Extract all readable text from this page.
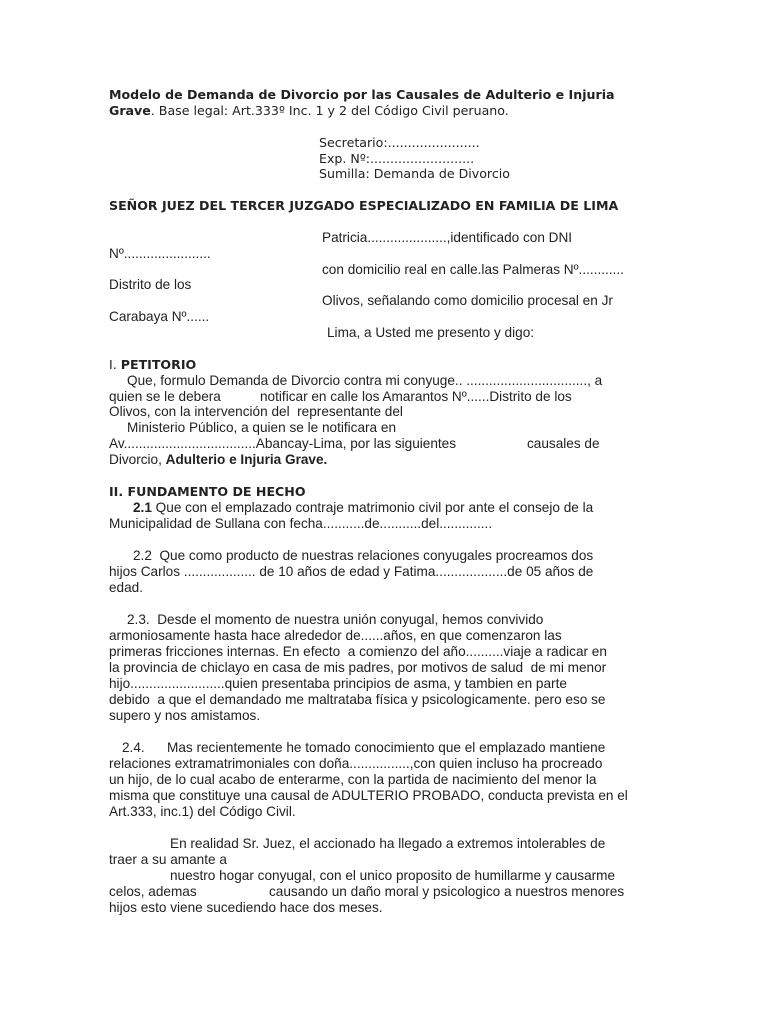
Modelo de Demanda de Divorcio por las Causales de Adulterio e Injuria

Grave. Base legal: Art.333º Inc. 1 y 2 del Código Civil peruano.

Secretario:.......................

Exp. Nº:..........................

Sumilla: Demanda de Divorcio

SEÑOR JUEZ DEL TERCER JUZGADO ESPECIALIZADO EN FAMILIA DE LIMA

Patricia.....................,identificado con DNI

Nº.......................

con domicilio real en calle.las Palmeras Nº............

Distrito de los

Olivos, señalando como domicilio procesal en Jr

Carabaya Nº......

Lima, a Usted me presento y digo:

I. PETITORIO

Que, formulo Demanda de Divorcio contra mi conyuge.. ................................, a

quien se le debera	notificar en calle los Amarantos Nº......Distrito de los

Olivos, con la intervención del  representante del

Ministerio Público, a quien se le notificara en

Av...................................Abancay-Lima, por las siguientes	causales de

Divorcio, Adulterio e Injuria Grave.

II. FUNDAMENTO DE HECHO

2.1 Que con el emplazado contraje matrimonio civil por ante el consejo de la

Municipalidad de Sullana con fecha...........de...........del..............

2.2  Que como producto de nuestras relaciones conyugales procreamos dos

hijos Carlos ................... de 10 años de edad y Fatima...................de 05 años de

edad.

2.3.  Desde el momento de nuestra unión conyugal, hemos convivido

armoniosamente hasta hace alrededor de......años, en que comenzaron las

primeras fricciones internas. En efecto  a comienzo del año..........viaje a radicar en

la provincia de chiclayo en casa de mis padres, por motivos de salud  de mi menor

hijo.........................quien presentaba principios de asma, y tambien en parte

debido  a que el demandado me maltrataba física y psicologicamente. pero eso se

supero y nos amistamos.

2.4. Mas recientemente he tomado conocimiento que el emplazado mantiene

relaciones extramatrimoniales con doña................,con quien incluso ha procreado

un hijo, de lo cual acabo de enterarme, con la partida de nacimiento del menor la

misma que constituye una causal de ADULTERIO PROBADO, conducta prevista en el

Art.333, inc.1) del Código Civil.

En realidad Sr. Juez, el accionado ha llegado a extremos intolerables de

traer a su amante a

nuestro hogar conyugal, con el unico proposito de humillarme y causarme

celos, ademas	causando un daño moral y psicologico a nuestros menores

hijos esto viene sucediendo hace dos meses.
